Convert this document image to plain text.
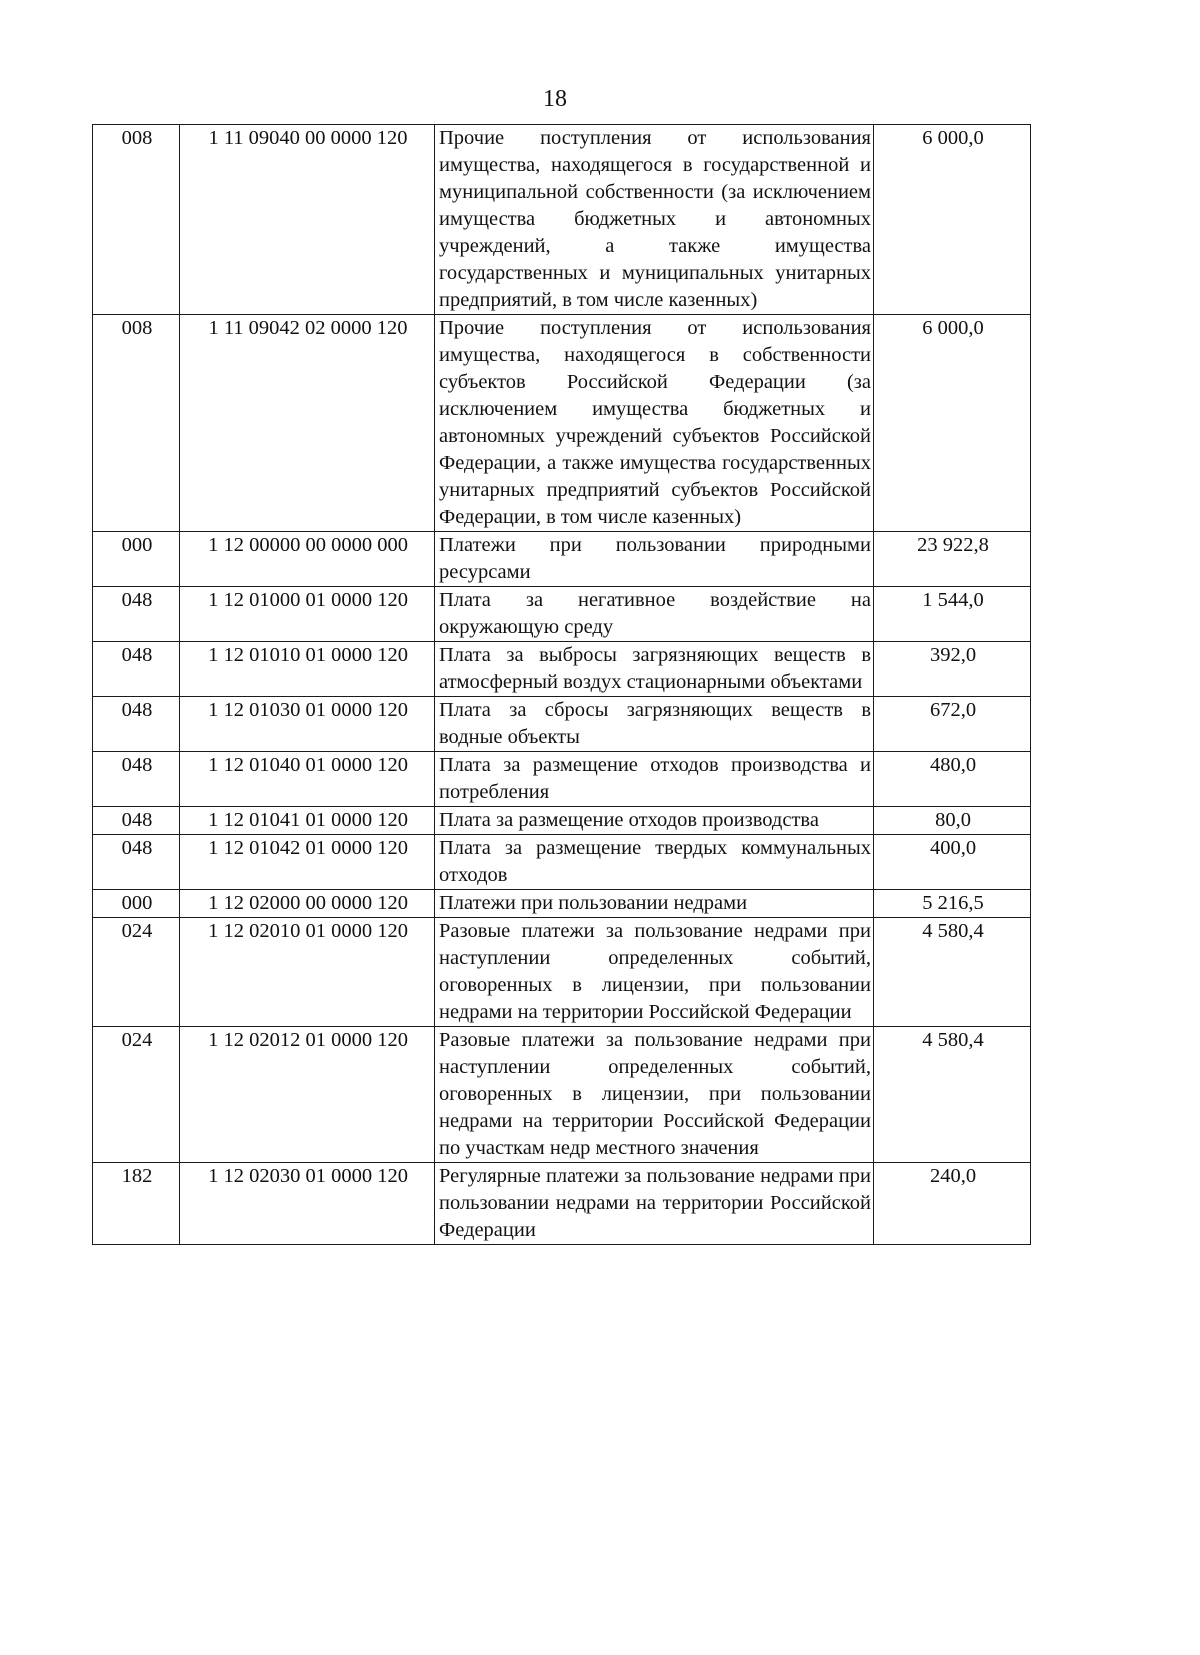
18
008	1 11 09040 00 0000 120	Прочие поступления от использования имущества, находящегося в государственной и муниципальной собственности (за исключением имущества бюджетных и автономных учреждений, а также имущества государственных и муниципальных унитарных предприятий, в том числе казенных)	6 000,0
008	1 11 09042 02 0000 120	Прочие поступления от использования имущества, находящегося в собственности субъектов Российской Федерации (за исключением имущества бюджетных и автономных учреждений субъектов Российской Федерации, а также имущества государственных унитарных предприятий субъектов Российской Федерации, в том числе казенных)	6 000,0
000	1 12 00000 00 0000 000	Платежи при пользовании природными ресурсами	23 922,8
048	1 12 01000 01 0000 120	Плата за негативное воздействие на окружающую среду	1 544,0
048	1 12 01010 01 0000 120	Плата за выбросы загрязняющих веществ в атмосферный воздух стационарными объектами	392,0
048	1 12 01030 01 0000 120	Плата за сбросы загрязняющих веществ в водные объекты	672,0
048	1 12 01040 01 0000 120	Плата за размещение отходов производства и потребления	480,0
048	1 12 01041 01 0000 120	Плата за размещение отходов производства	80,0
048	1 12 01042 01 0000 120	Плата за размещение твердых коммунальных отходов	400,0
000	1 12 02000 00 0000 120	Платежи при пользовании недрами	5 216,5
024	1 12 02010 01 0000 120	Разовые платежи за пользование недрами при наступлении определенных событий, оговоренных в лицензии, при пользовании недрами на территории Российской Федерации	4 580,4
024	1 12 02012 01 0000 120	Разовые платежи за пользование недрами при наступлении определенных событий, оговоренных в лицензии, при пользовании недрами на территории Российской Федерации по участкам недр местного значения	4 580,4
182	1 12 02030 01 0000 120	Регулярные платежи за пользование недрами при пользовании недрами на территории Российской Федерации	240,0
